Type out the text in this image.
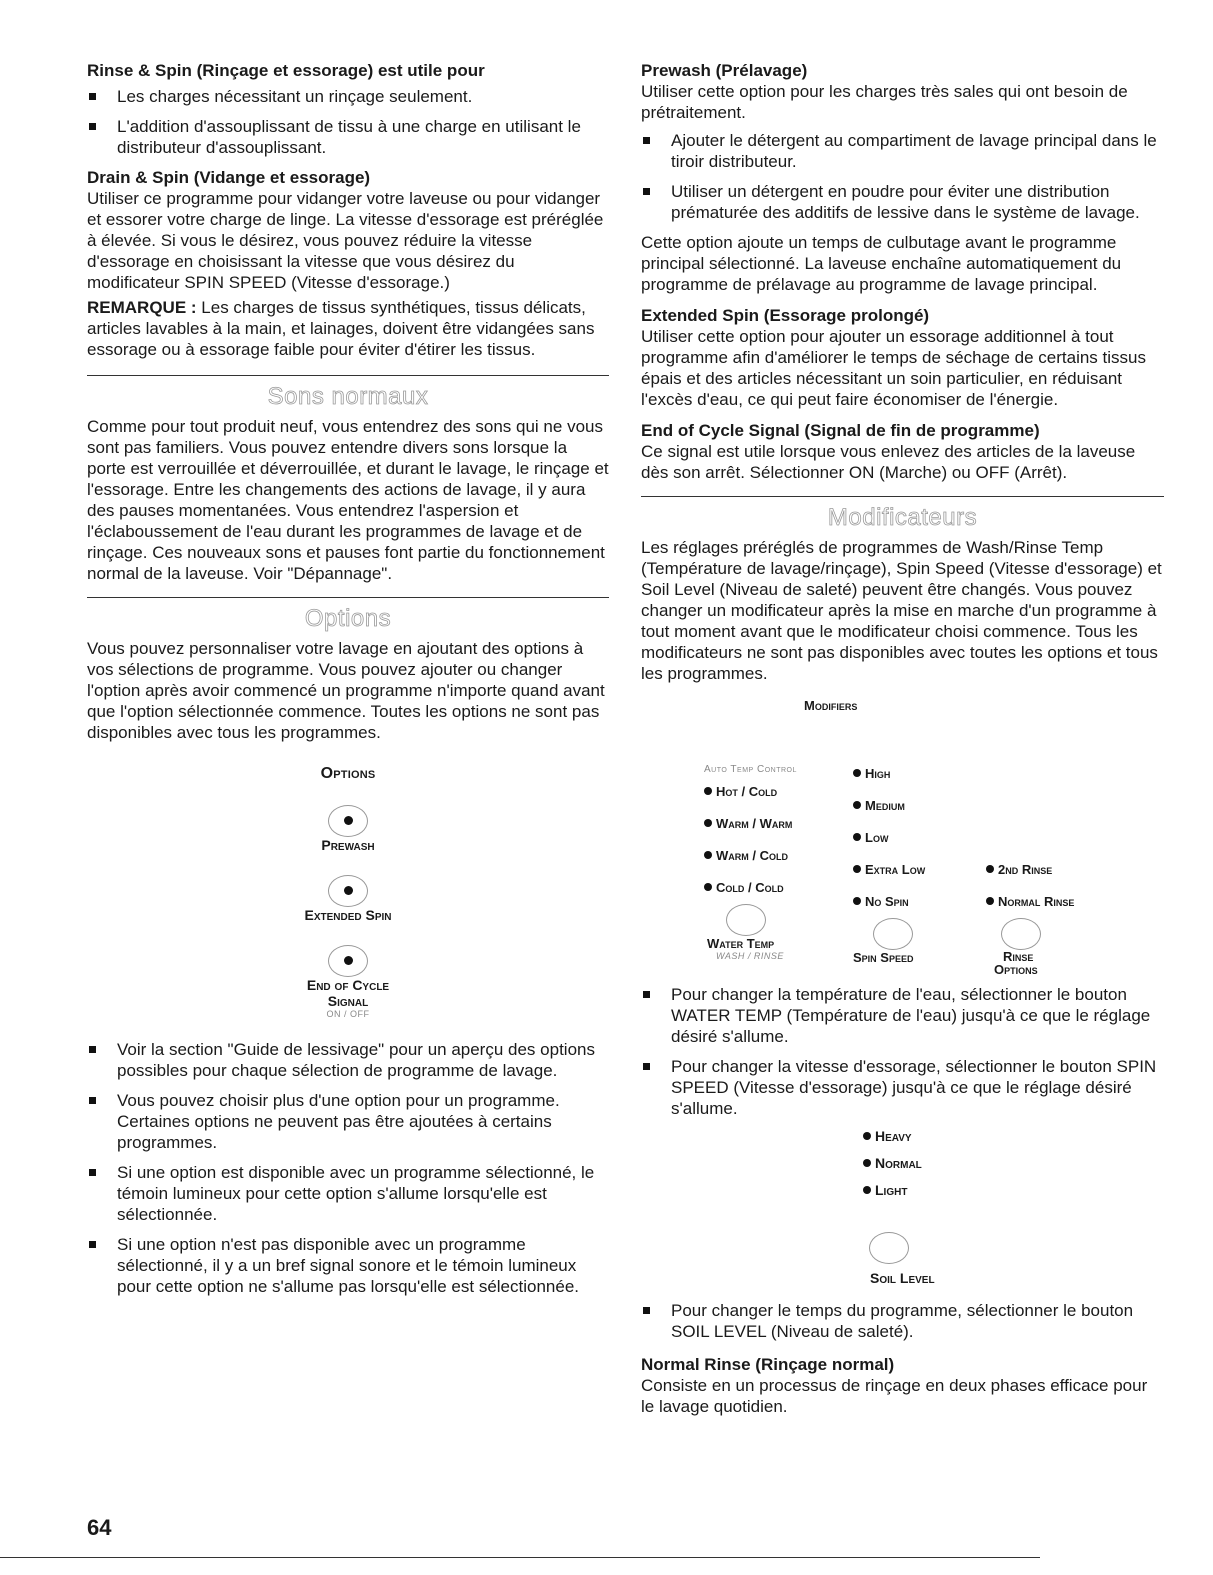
Rinse & Spin (Rinçage et essorage) est utile pour
Les charges nécessitant un rinçage seulement.
L'addition d'assouplissant de tissu à une charge en utilisant le distributeur d'assouplissant.
Drain & Spin (Vidange et essorage)

Utiliser ce programme pour vidanger votre laveuse ou pour vidanger et essorer votre charge de linge. La vitesse d'essorage est préréglée à élevée. Si vous le désirez, vous pouvez réduire la vitesse d'essorage en choisissant la vitesse que vous désirez du modificateur SPIN SPEED (Vitesse d'essorage.)

REMARQUE : Les charges de tissus synthétiques, tissus délicats, articles lavables à la main, et lainages, doivent être vidangées sans essorage ou à essorage faible pour éviter d'étirer les tissus.

Sons normaux

Comme pour tout produit neuf, vous entendrez des sons qui ne vous sont pas familiers. Vous pouvez entendre divers sons lorsque la porte est verrouillée et déverrouillée, et durant le lavage, le rinçage et l'essorage. Entre les changements des actions de lavage, il y aura des pauses momentanées. Vous entendrez l'aspersion et l'éclaboussement de l'eau durant les programmes de lavage et de rinçage. Ces nouveaux sons et pauses font partie du fonctionnement normal de la laveuse. Voir "Dépannage".

Options

Vous pouvez personnaliser votre lavage en ajoutant des options à vos sélections de programme. Vous pouvez ajouter ou changer l'option après avoir commencé un programme n'importe quand avant que l'option sélectionnée commence. Toutes les options ne sont pas disponibles avec tous les programmes.

Options
Prewash
Extended Spin
End of Cycle
Signal
ON / OFF
Voir la section "Guide de lessivage" pour un aperçu des options possibles pour chaque sélection de programme de lavage.
Vous pouvez choisir plus d'une option pour un programme. Certaines options ne peuvent pas être ajoutées à certains programmes.
Si une option est disponible avec un programme sélectionné, le témoin lumineux pour cette option s'allume lorsqu'elle est sélectionnée.
Si une option n'est pas disponible avec un programme sélectionné, il y a un bref signal sonore et le témoin lumineux pour cette option ne s'allume pas lorsqu'elle est sélectionnée.
Prewash (Prélavage)

Utiliser cette option pour les charges très sales qui ont besoin de prétraitement.

Ajouter le détergent au compartiment de lavage principal dans le tiroir distributeur.
Utiliser un détergent en poudre pour éviter une distribution prématurée des additifs de lessive dans le système de lavage.

Cette option ajoute un temps de culbutage avant le programme principal sélectionné. La laveuse enchaîne automatiquement du programme de prélavage au programme de lavage principal.

Extended Spin (Essorage prolongé)

Utiliser cette option pour ajouter un essorage additionnel à tout programme afin d'améliorer le temps de séchage de certains tissus épais et des articles nécessitant un soin particulier, en réduisant l'excès d'eau, ce qui peut faire économiser de l'énergie.

End of Cycle Signal (Signal de fin de programme)

Ce signal est utile lorsque vous enlevez des articles de la laveuse dès son arrêt. Sélectionner ON (Marche) ou OFF (Arrêt).

Modificateurs

Les réglages préréglés de programmes de Wash/Rinse Temp (Température de lavage/rinçage), Spin Speed (Vitesse d'essorage) et Soil Level (Niveau de saleté) peuvent être changés. Vous pouvez changer un modificateur après la mise en marche d'un programme à tout moment avant que le modificateur choisi commence. Tous les modificateurs ne sont pas disponibles avec toutes les options et tous les programmes.

Modifiers
Auto Temp Control
Hot / Cold
Warm / Warm
Warm / Cold
Cold / Cold
Water Temp
WASH / RINSE
High
Medium
Low
Extra Low
No Spin
Spin Speed
2nd Rinse
Normal Rinse
Rinse
Options
Pour changer la température de l'eau, sélectionner le bouton WATER TEMP (Température de l'eau) jusqu'à ce que le réglage désiré s'allume.
Pour changer la vitesse d'essorage, sélectionner le bouton SPIN SPEED (Vitesse d'essorage) jusqu'à ce que le réglage désiré s'allume.
Heavy
Normal
Light
Soil Level
Pour changer le temps du programme, sélectionner le bouton SOIL LEVEL (Niveau de saleté).
Normal Rinse (Rinçage normal)

Consiste en un processus de rinçage en deux phases efficace pour le lavage quotidien.

64
